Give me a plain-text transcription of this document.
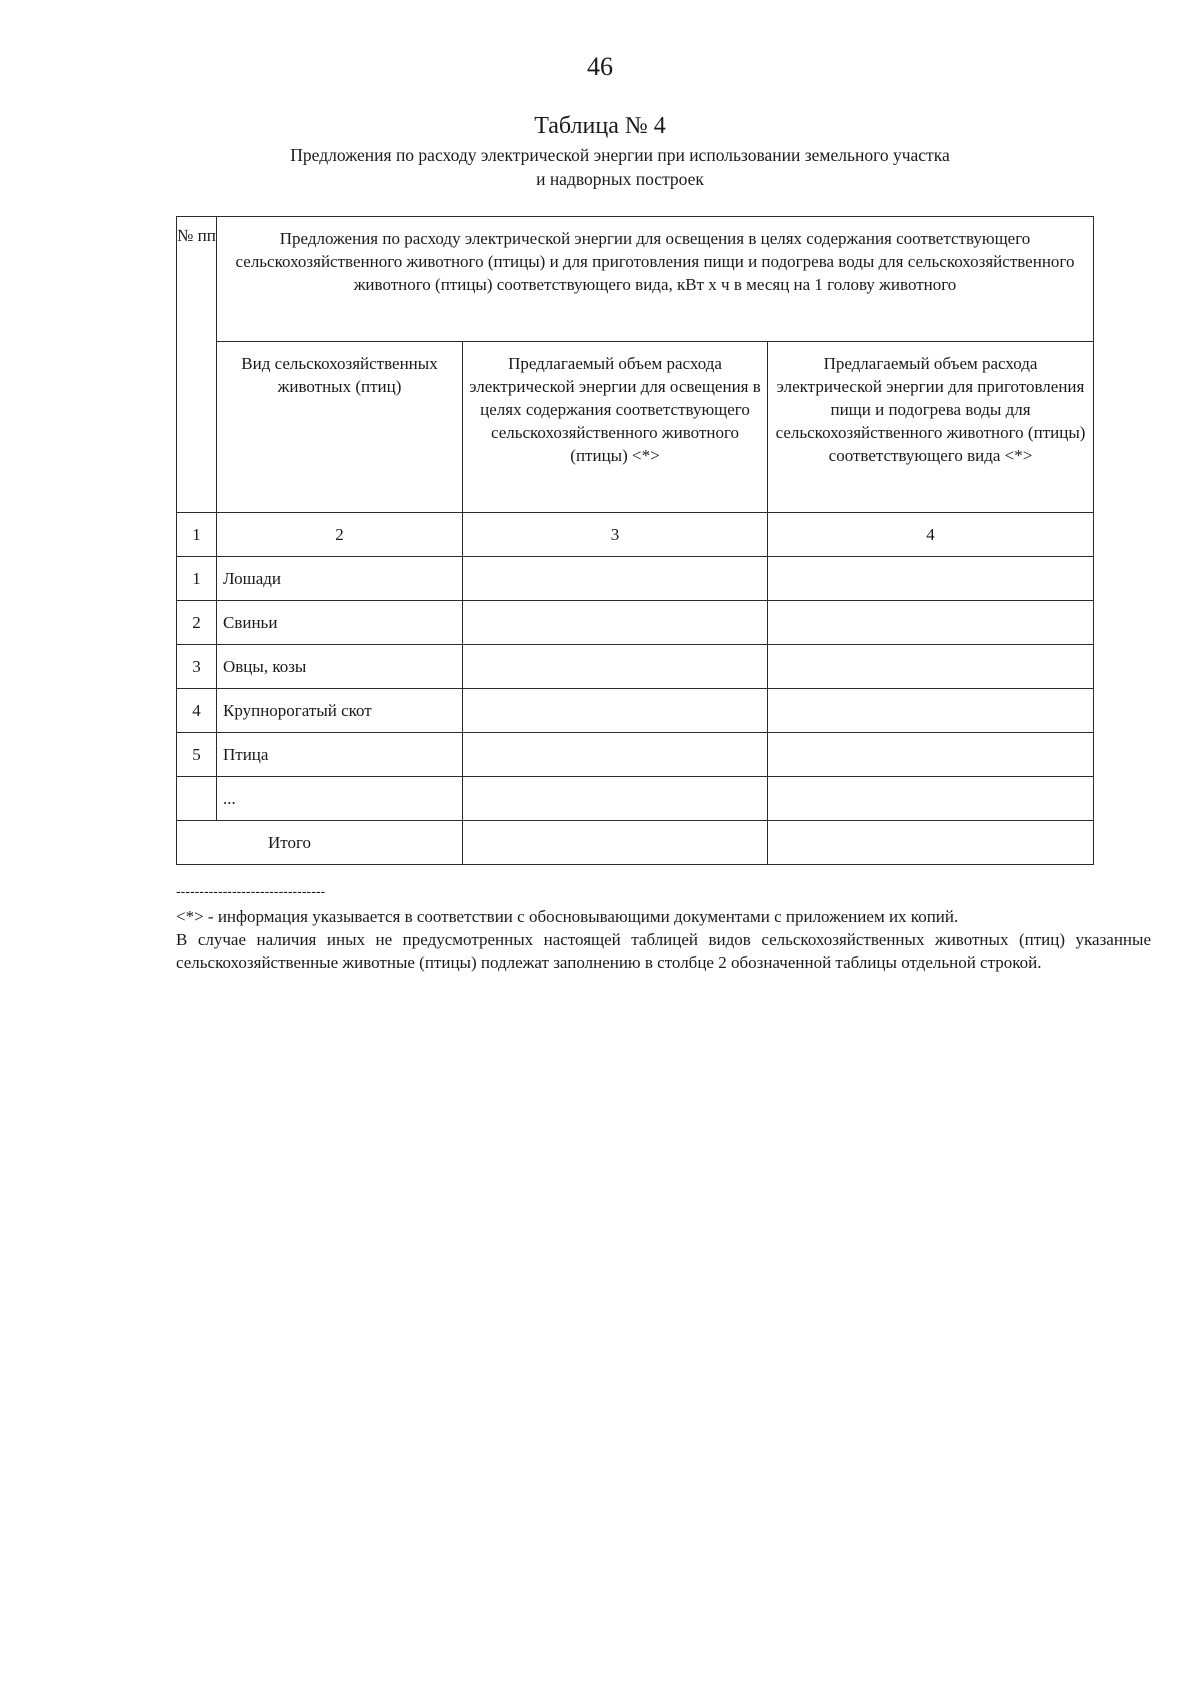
46
Таблица № 4
Предложения по расходу электрической энергии при использовании земельного участка и надворных построек
№ пп	Предложения по расходу электрической энергии для освещения в целях содержания соответствующего сельскохозяйственного животного (птицы) и для приготовления пищи и подогрева воды для сельскохозяйственного животного (птицы) соответствующего вида, кВт х ч в месяц на 1 голову животного		
	Вид сельскохозяйственных животных (птиц)	Предлагаемый объем расхода электрической энергии для освещения в целях содержания соответствующего сельскохозяйственного животного (птицы) <*>	Предлагаемый объем расхода электрической энергии для приготовления пищи и подогрева воды для сельскохозяйственного животного (птицы) соответствующего вида <*>
1	2	3	4
1	Лошади		
2	Свиньи		
3	Овцы, козы		
4	Крупнорогатый скот		
5	Птица		
	...		
Итого			
--------------------------------

<*> - информация указывается в соответствии с обосновывающими документами с приложением их копий.

В случае наличия иных не предусмотренных настоящей таблицей видов сельскохозяйственных животных (птиц) указанные сельскохозяйственные животные (птицы) подлежат заполнению в столбце 2 обозначенной таблицы отдельной строкой.
